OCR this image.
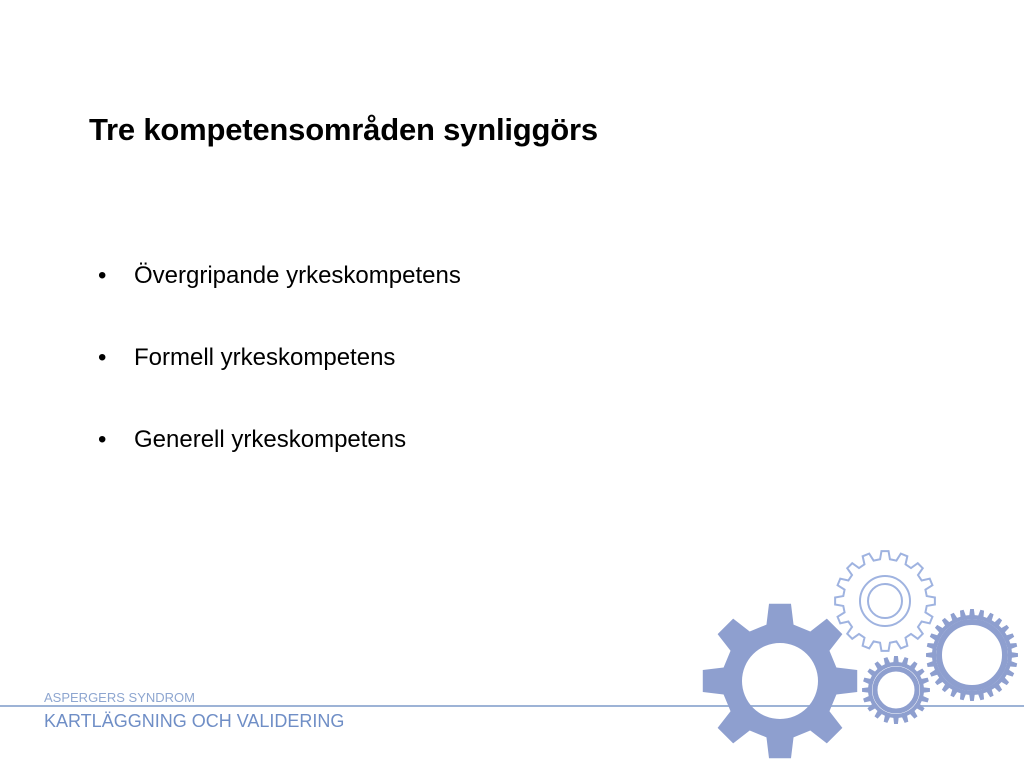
Tre kompetensområden synliggörs
• Övergripande yrkeskompetens
• Formell yrkeskompetens
• Generell yrkeskompetens
ASPERGERS SYNDROM
KARTLÄGGNING OCH VALIDERING
